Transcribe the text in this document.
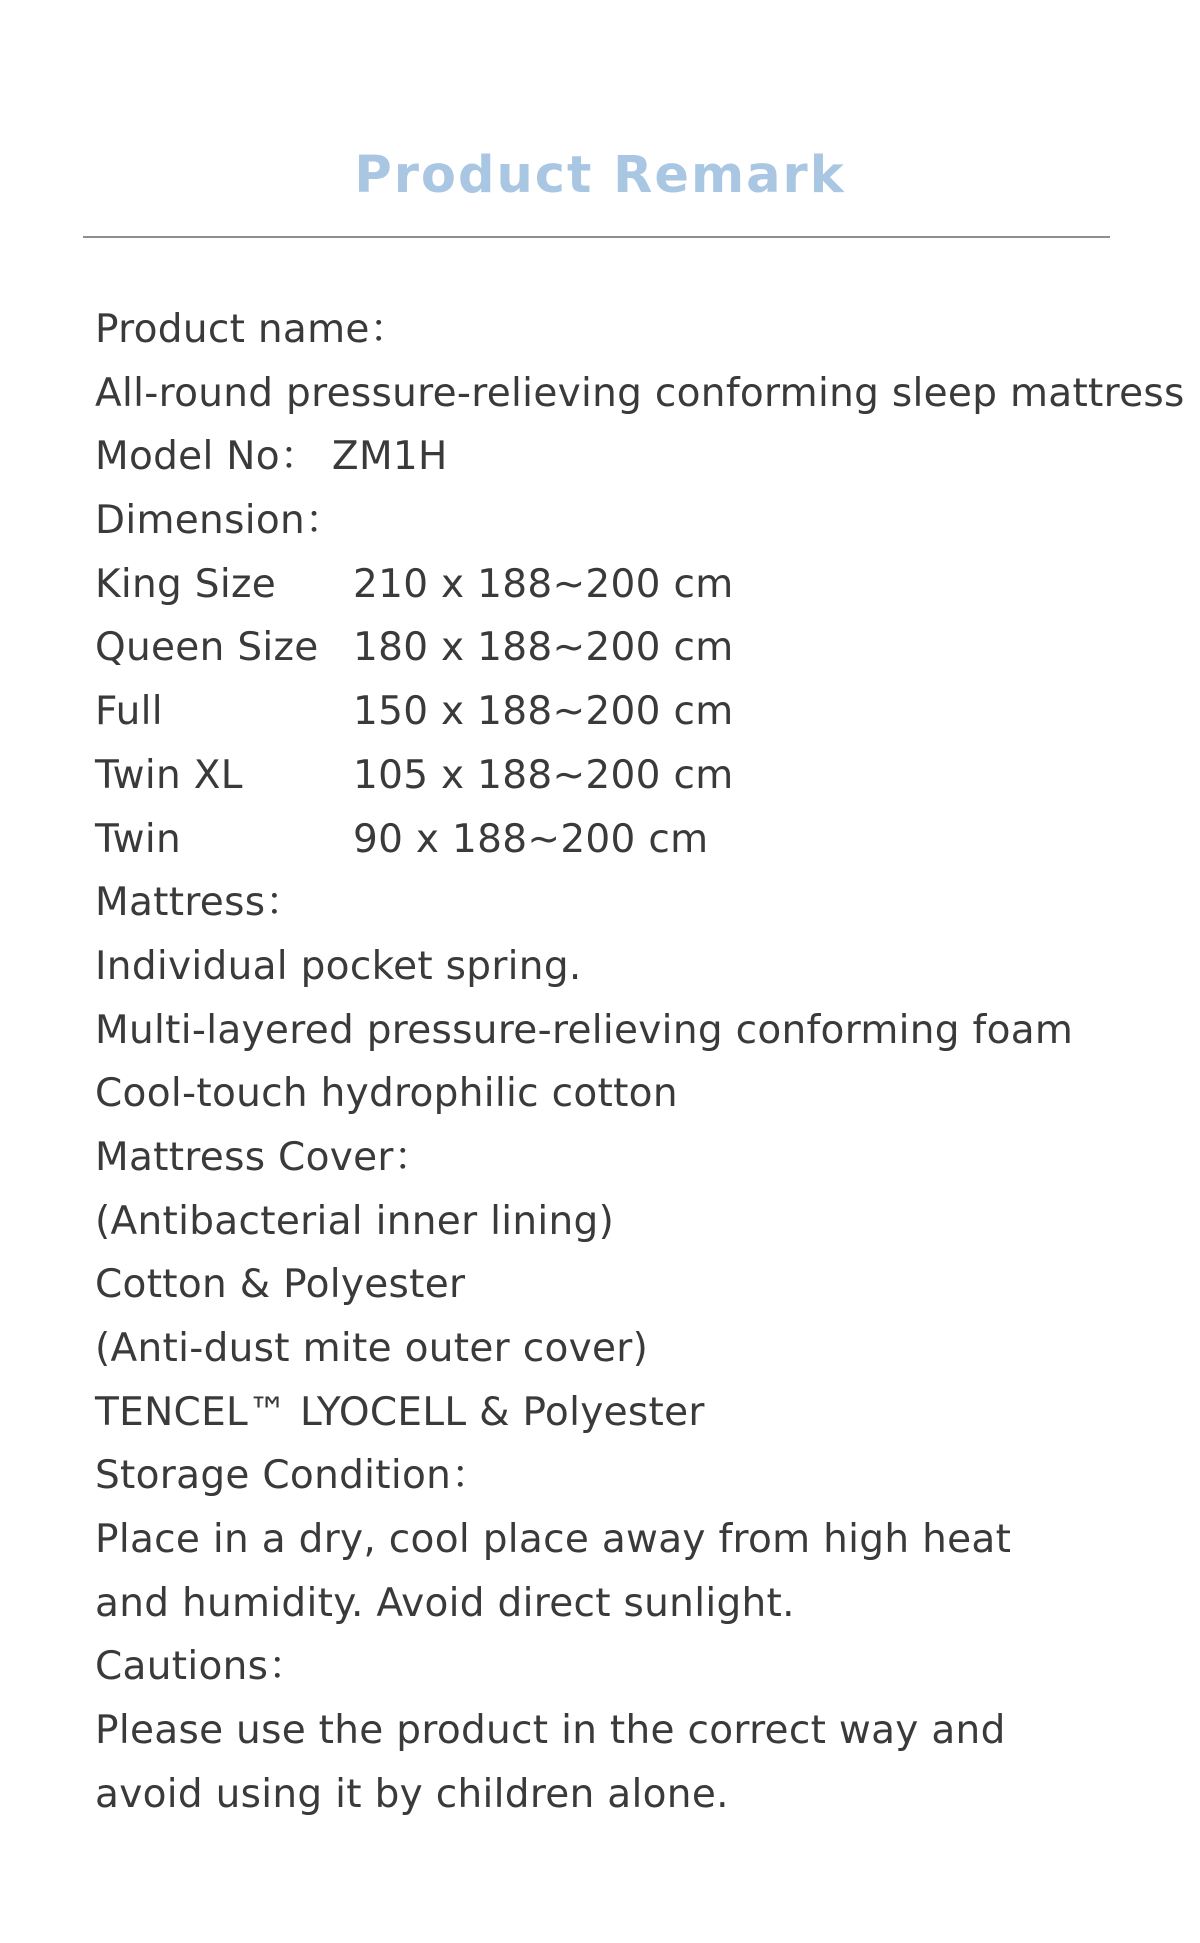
Product Remark
Product name：
All-round pressure-relieving conforming sleep mattress
Model No： ZM1H
Dimension：
King Size	210 x 188~200 cm
Queen Size 180 x 188~200 cm
Full	150 x 188~200 cm
Twin XL	105 x 188~200 cm
Twin	90 x 188~200 cm
Mattress：
Individual pocket spring.
Multi-layered pressure-relieving conforming foam
Cool-touch hydrophilic cotton
Mattress Cover：
(Antibacterial inner lining)
Cotton & Polyester
(Anti-dust mite outer cover)
TENCEL™ LYOCELL & Polyester
Storage Condition：
Place in a dry, cool place away from high heat
and humidity. Avoid direct sunlight.
Cautions：
Please use the product in the correct way and
avoid using it by children alone.
